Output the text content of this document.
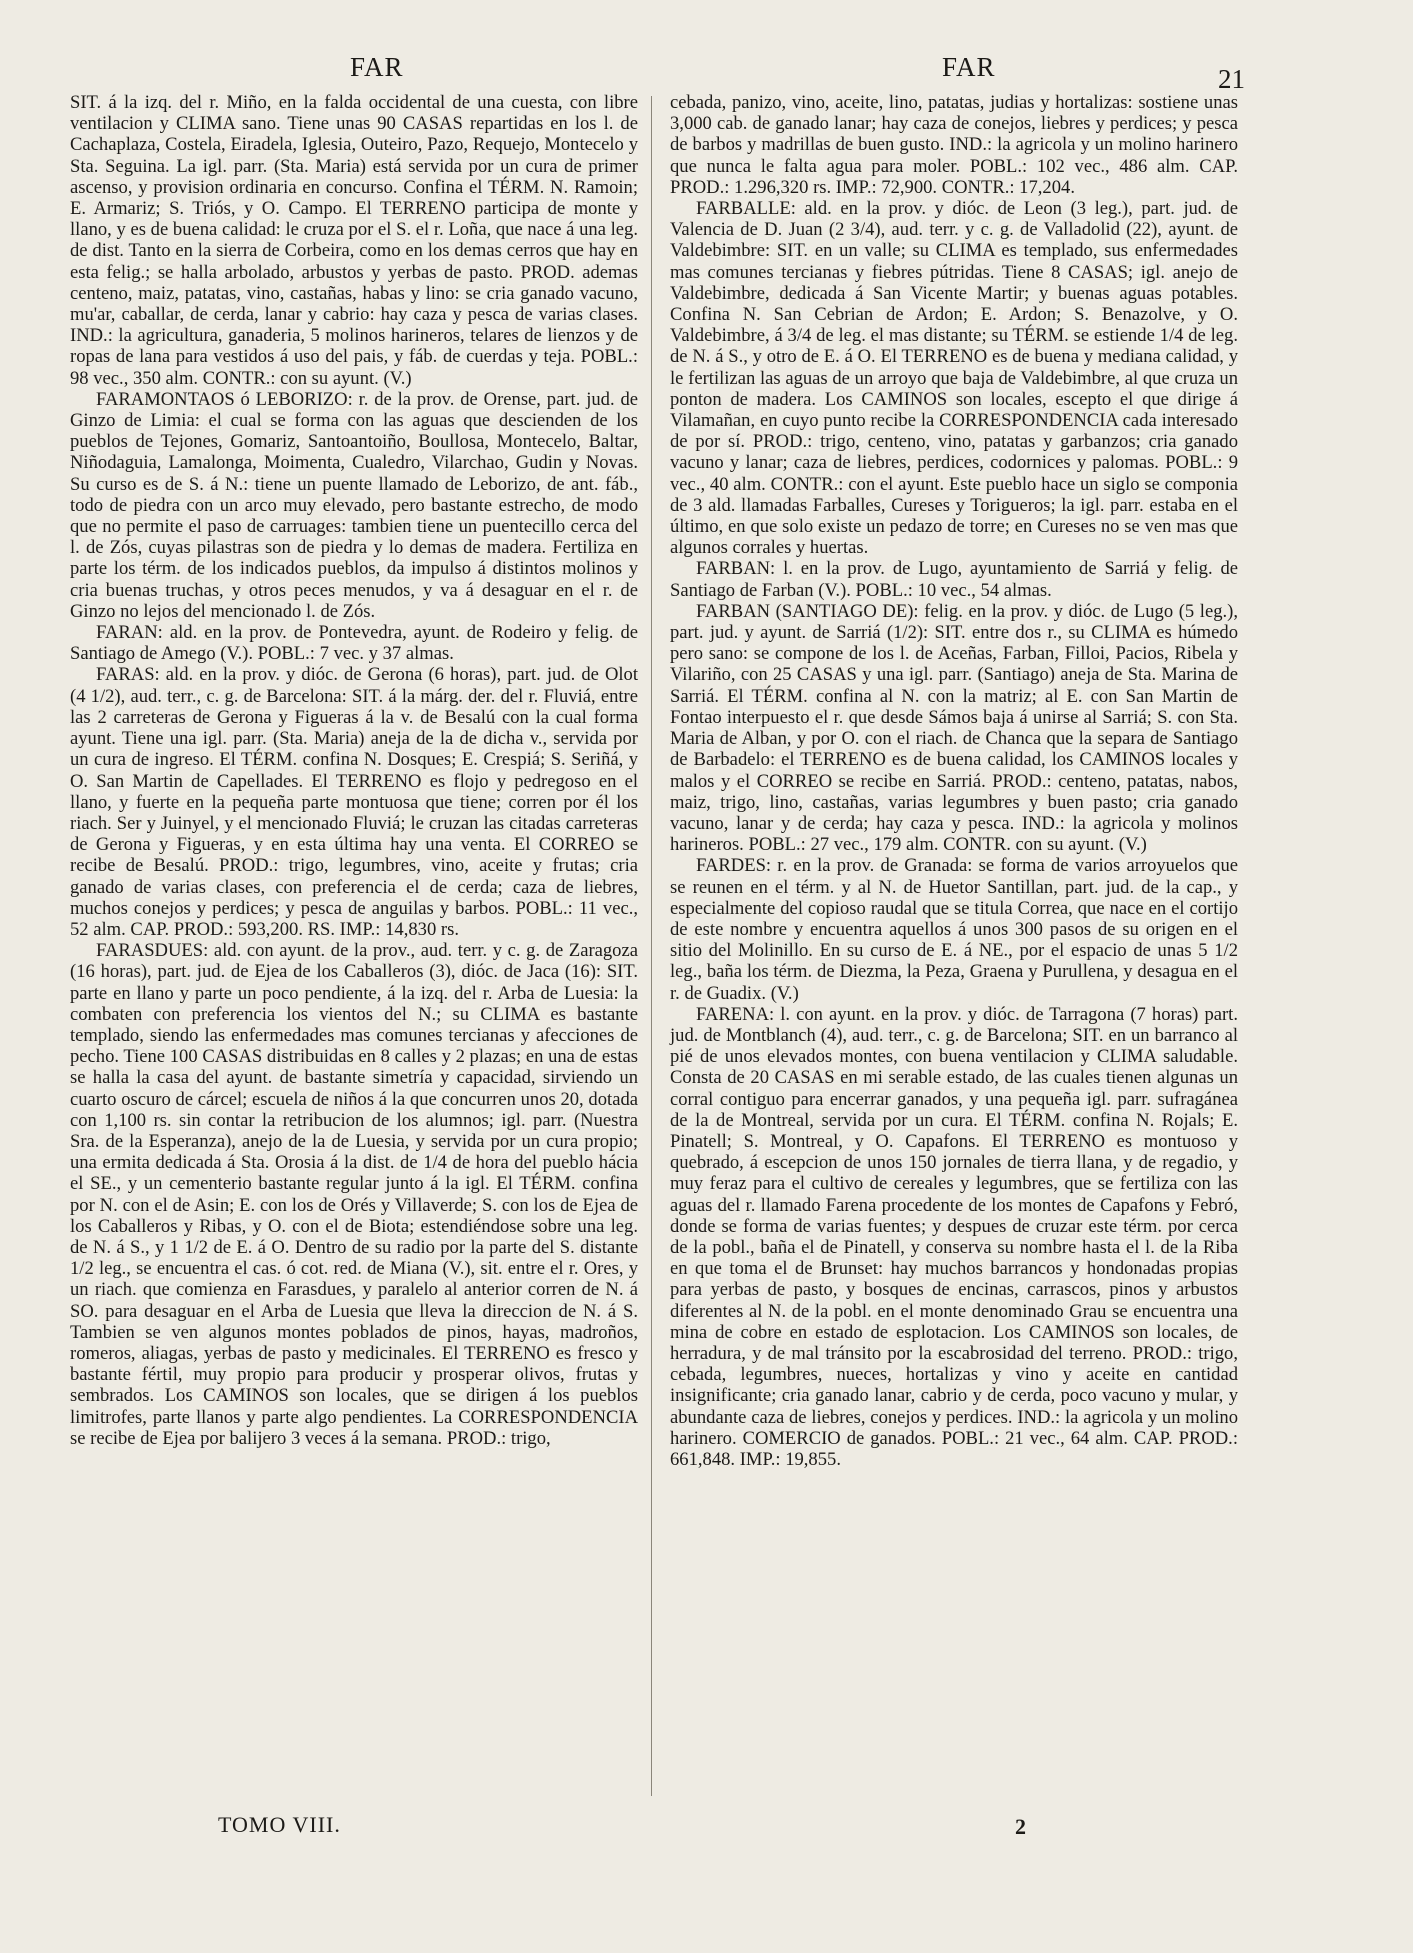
FAR	FAR	21

SIT. á la izq. del r. Miño, en la falda occidental de una cuesta, con libre ventilacion y CLIMA sano. Tiene unas 90 CASAS repartidas en los l. de Cachaplaza, Costela, Eiradela, Iglesia, Outeiro, Pazo, Requejo, Montecelo y Sta. Seguina. La igl. parr. (Sta. Maria) está servida por un cura de primer ascenso, y provision ordinaria en concurso. Confina el TÉRM. N. Ramoin; E. Armariz; S. Triós, y O. Campo. El TERRENO participa de monte y llano, y es de buena calidad: le cruza por el S. el r. Loña, que nace á una leg. de dist. Tanto en la sierra de Corbeira, como en los demas cerros que hay en esta felig.; se halla arbolado, arbustos y yerbas de pasto. PROD. ademas centeno, maiz, patatas, vino, castañas, habas y lino: se cria ganado vacuno, mu'ar, caballar, de cerda, lanar y cabrio: hay caza y pesca de varias clases. IND.: la agricultura, ganaderia, 5 molinos harineros, telares de lienzos y de ropas de lana para vestidos á uso del pais, y fáb. de cuerdas y teja. POBL.: 98 vec., 350 alm. CONTR.: con su ayunt. (V.)

FARAMONTAOS ó LEBORIZO: r. de la prov. de Orense, part. jud. de Ginzo de Limia: el cual se forma con las aguas que descienden de los pueblos de Tejones, Gomariz, Santoantoiño, Boullosa, Montecelo, Baltar, Niñodaguia, Lamalonga, Moimenta, Cualedro, Vilarchao, Gudin y Novas. Su curso es de S. á N.: tiene un puente llamado de Leborizo, de ant. fáb., todo de piedra con un arco muy elevado, pero bastante estrecho, de modo que no permite el paso de carruages: tambien tiene un puentecillo cerca del l. de Zós, cuyas pilastras son de piedra y lo demas de madera. Fertiliza en parte los térm. de los indicados pueblos, da impulso á distintos molinos y cria buenas truchas, y otros peces menudos, y va á desaguar en el r. de Ginzo no lejos del mencionado l. de Zós.

FARAN: ald. en la prov. de Pontevedra, ayunt. de Rodeiro y felig. de Santiago de Amego (V.). POBL.: 7 vec. y 37 almas.

FARAS: ald. en la prov. y dióc. de Gerona (6 horas), part. jud. de Olot (4 1/2), aud. terr., c. g. de Barcelona: SIT. á la márg. der. del r. Fluviá, entre las 2 carreteras de Gerona y Figueras á la v. de Besalú con la cual forma ayunt. Tiene una igl. parr. (Sta. Maria) aneja de la de dicha v., servida por un cura de ingreso. El TÉRM. confina N. Dosques; E. Crespiá; S. Seriñá, y O. San Martin de Capellades. El TERRENO es flojo y pedregoso en el llano, y fuerte en la pequeña parte montuosa que tiene; corren por él los riach. Ser y Juinyel, y el mencionado Fluviá; le cruzan las citadas carreteras de Gerona y Figueras, y en esta última hay una venta. El CORREO se recibe de Besalú. PROD.: trigo, legumbres, vino, aceite y frutas; cria ganado de varias clases, con preferencia el de cerda; caza de liebres, muchos conejos y perdices; y pesca de anguilas y barbos. POBL.: 11 vec., 52 alm. CAP. PROD.: 593,200. RS. IMP.: 14,830 rs.

FARASDUES: ald. con ayunt. de la prov., aud. terr. y c. g. de Zaragoza (16 horas), part. jud. de Ejea de los Caballeros (3), dióc. de Jaca (16): SIT. parte en llano y parte un poco pendiente, á la izq. del r. Arba de Luesia: la combaten con preferencia los vientos del N.; su CLIMA es bastante templado, siendo las enfermedades mas comunes tercianas y afecciones de pecho. Tiene 100 CASAS distribuidas en 8 calles y 2 plazas; en una de estas se halla la casa del ayunt. de bastante simetría y capacidad, sirviendo un cuarto oscuro de cárcel; escuela de niños á la que concurren unos 20, dotada con 1,100 rs. sin contar la retribucion de los alumnos; igl. parr. (Nuestra Sra. de la Esperanza), anejo de la de Luesia, y servida por un cura propio; una ermita dedicada á Sta. Orosia á la dist. de 1/4 de hora del pueblo hácia el SE., y un cementerio bastante regular junto á la igl. El TÉRM. confina por N. con el de Asin; E. con los de Orés y Villaverde; S. con los de Ejea de los Caballeros y Ribas, y O. con el de Biota; estendiéndose sobre una leg. de N. á S., y 1 1/2 de E. á O. Dentro de su radio por la parte del S. distante 1/2 leg., se encuentra el cas. ó cot. red. de Miana (V.), sit. entre el r. Ores, y un riach. que comienza en Farasdues, y paralelo al anterior corren de N. á SO. para desaguar en el Arba de Luesia que lleva la direccion de N. á S. Tambien se ven algunos montes poblados de pinos, hayas, madroños, romeros, aliagas, yerbas de pasto y medicinales. El TERRENO es fresco y bastante fértil, muy propio para producir y prosperar olivos, frutas y sembrados. Los CAMINOS son locales, que se dirigen á los pueblos limitrofes, parte llanos y parte algo pendientes. La CORRESPONDENCIA se recibe de Ejea por balijero 3 veces á la semana. PROD.: trigo,

cebada, panizo, vino, aceite, lino, patatas, judias y hortalizas: sostiene unas 3,000 cab. de ganado lanar; hay caza de conejos, liebres y perdices; y pesca de barbos y madrillas de buen gusto. IND.: la agricola y un molino harinero que nunca le falta agua para moler. POBL.: 102 vec., 486 alm. CAP. PROD.: 1.296,320 rs. IMP.: 72,900. CONTR.: 17,204.

FARBALLE: ald. en la prov. y dióc. de Leon (3 leg.), part. jud. de Valencia de D. Juan (2 3/4), aud. terr. y c. g. de Valladolid (22), ayunt. de Valdebimbre: SIT. en un valle; su CLIMA es templado, sus enfermedades mas comunes tercianas y fiebres pútridas. Tiene 8 CASAS; igl. anejo de Valdebimbre, dedicada á San Vicente Martir; y buenas aguas potables. Confina N. San Cebrian de Ardon; E. Ardon; S. Benazolve, y O. Valdebimbre, á 3/4 de leg. el mas distante; su TÉRM. se estiende 1/4 de leg. de N. á S., y otro de E. á O. El TERRENO es de buena y mediana calidad, y le fertilizan las aguas de un arroyo que baja de Valdebimbre, al que cruza un ponton de madera. Los CAMINOS son locales, escepto el que dirige á Vilamañan, en cuyo punto recibe la CORRESPONDENCIA cada interesado de por sí. PROD.: trigo, centeno, vino, patatas y garbanzos; cria ganado vacuno y lanar; caza de liebres, perdices, codornices y palomas. POBL.: 9 vec., 40 alm. CONTR.: con el ayunt. Este pueblo hace un siglo se componia de 3 ald. llamadas Farballes, Cureses y Torigueros; la igl. parr. estaba en el último, en que solo existe un pedazo de torre; en Cureses no se ven mas que algunos corrales y huertas.

FARBAN: l. en la prov. de Lugo, ayuntamiento de Sarriá y felig. de Santiago de Farban (V.). POBL.: 10 vec., 54 almas.

FARBAN (SANTIAGO DE): felig. en la prov. y dióc. de Lugo (5 leg.), part. jud. y ayunt. de Sarriá (1/2): SIT. entre dos r., su CLIMA es húmedo pero sano: se compone de los l. de Aceñas, Farban, Filloi, Pacios, Ribela y Vilariño, con 25 CASAS y una igl. parr. (Santiago) aneja de Sta. Marina de Sarriá. El TÉRM. confina al N. con la matriz; al E. con San Martin de Fontao interpuesto el r. que desde Sámos baja á unirse al Sarriá; S. con Sta. Maria de Alban, y por O. con el riach. de Chanca que la separa de Santiago de Barbadelo: el TERRENO es de buena calidad, los CAMINOS locales y malos y el CORREO se recibe en Sarriá. PROD.: centeno, patatas, nabos, maiz, trigo, lino, castañas, varias legumbres y buen pasto; cria ganado vacuno, lanar y de cerda; hay caza y pesca. IND.: la agricola y molinos harineros. POBL.: 27 vec., 179 alm. CONTR. con su ayunt. (V.)

FARDES: r. en la prov. de Granada: se forma de varios arroyuelos que se reunen en el térm. y al N. de Huetor Santillan, part. jud. de la cap., y especialmente del copioso raudal que se titula Correa, que nace en el cortijo de este nombre y encuentra aquellos á unos 300 pasos de su origen en el sitio del Molinillo. En su curso de E. á NE., por el espacio de unas 5 1/2 leg., baña los térm. de Diezma, la Peza, Graena y Purullena, y desagua en el r. de Guadix. (V.)

FARENA: l. con ayunt. en la prov. y dióc. de Tarragona (7 horas) part. jud. de Montblanch (4), aud. terr., c. g. de Barcelona; SIT. en un barranco al pié de unos elevados montes, con buena ventilacion y CLIMA saludable. Consta de 20 CASAS en mi serable estado, de las cuales tienen algunas un corral contiguo para encerrar ganados, y una pequeña igl. parr. sufragánea de la de Montreal, servida por un cura. El TÉRM. confina N. Rojals; E. Pinatell; S. Montreal, y O. Capafons. El TERRENO es montuoso y quebrado, á escepcion de unos 150 jornales de tierra llana, y de regadio, y muy feraz para el cultivo de cereales y legumbres, que se fertiliza con las aguas del r. llamado Farena procedente de los montes de Capafons y Febró, donde se forma de varias fuentes; y despues de cruzar este térm. por cerca de la pobl., baña el de Pinatell, y conserva su nombre hasta el l. de la Riba en que toma el de Brunset: hay muchos barrancos y hondonadas propias para yerbas de pasto, y bosques de encinas, carrascos, pinos y arbustos diferentes al N. de la pobl. en el monte denominado Grau se encuentra una mina de cobre en estado de esplotacion. Los CAMINOS son locales, de herradura, y de mal tránsito por la escabrosidad del terreno. PROD.: trigo, cebada, legumbres, nueces, hortalizas y vino y aceite en cantidad insignificante; cria ganado lanar, cabrio y de cerda, poco vacuno y mular, y abundante caza de liebres, conejos y perdices. IND.: la agricola y un molino harinero. COMERCIO de ganados. POBL.: 21 vec., 64 alm. CAP. PROD.: 661,848. IMP.: 19,855.

TOMO VIII.	2
